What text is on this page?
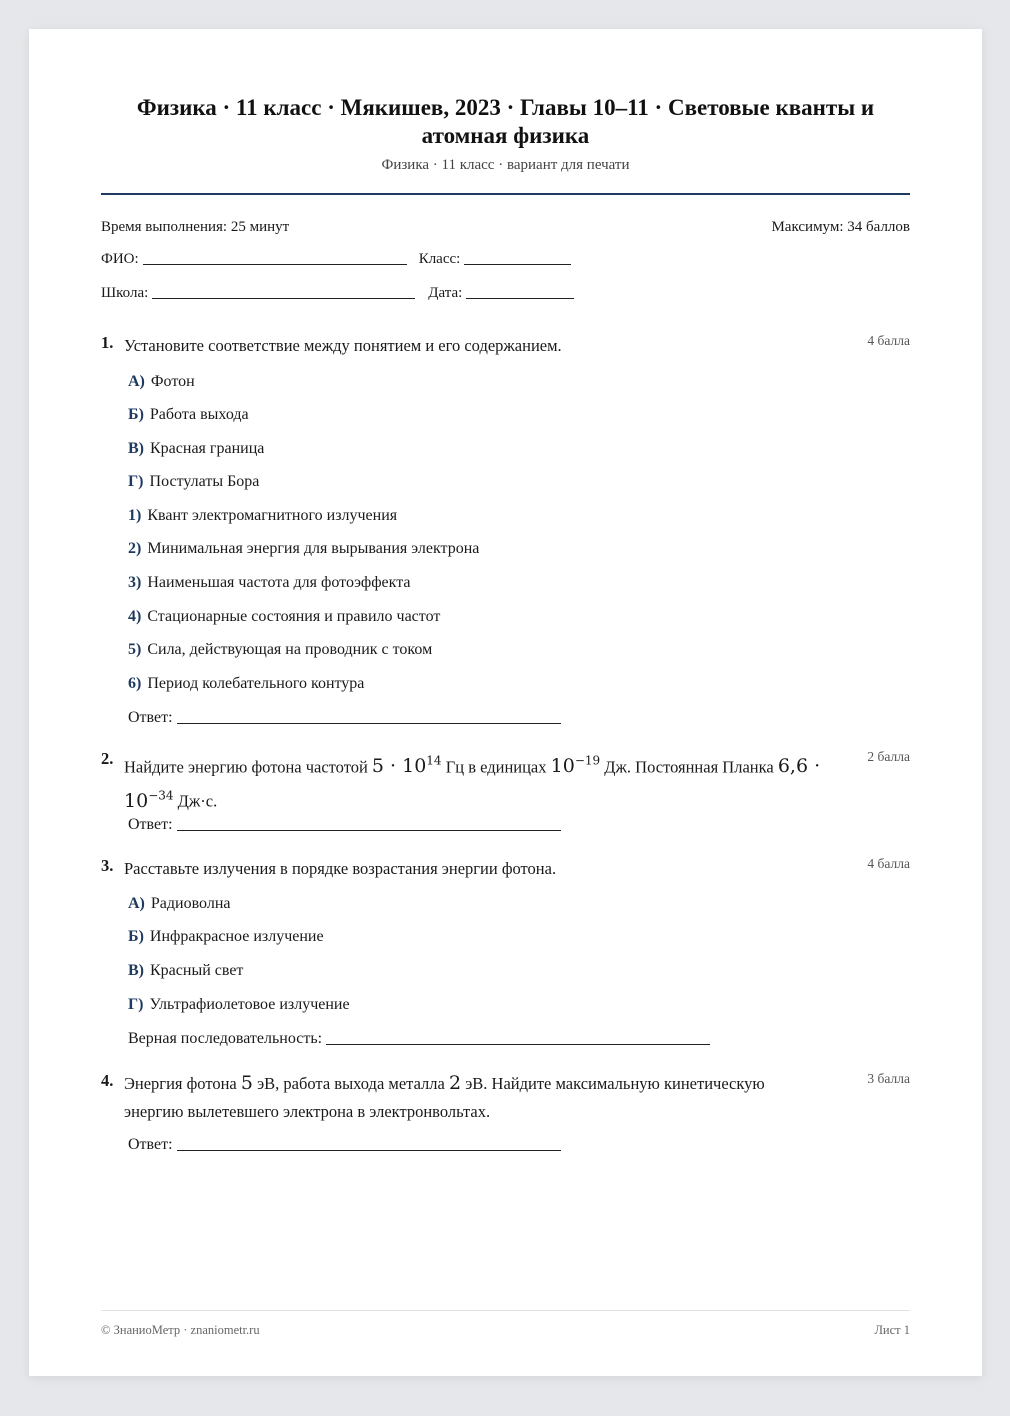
Физика · 11 класс · Мякишев, 2023 · Главы 10–11 · Световые кванты и атомная физика
Физика · 11 класс · вариант для печати
Время выполнения: 25 минут	Максимум: 34 баллов
ФИО:	Класс:
Школа:	Дата:
1. Установите соответствие между понятием и его содержанием.	4 балла
А) Фотон
Б) Работа выхода
В) Красная граница
Г) Постулаты Бора
1) Квант электромагнитного излучения
2) Минимальная энергия для вырывания электрона
3) Наименьшая частота для фотоэффекта
4) Стационарные состояния и правило частот
5) Сила, действующая на проводник с током
6) Период колебательного контура
Ответ:
2. Найдите энергию фотона частотой $5 \cdot 10^{14}$ Гц в единицах $10^{-19}$ Дж. Постоянная Планка $6,6 \cdot 10^{-34}$ Дж·с.
2 балла
Ответ:
3. Расставьте излучения в порядке возрастания энергии фотона.	4 балла
А) Радиоволна
Б) Инфракрасное излучение
В) Красный свет
Г) Ультрафиолетовое излучение
Верная последовательность:
4. Энергия фотона 5 эВ, работа выхода металла 2 эВ. Найдите максимальную кинетическую энергию вылетевшего электрона в электронвольтах.
3 балла
Ответ:
© ЗнаниоМетр · znaniometr.ru	Лист 1
